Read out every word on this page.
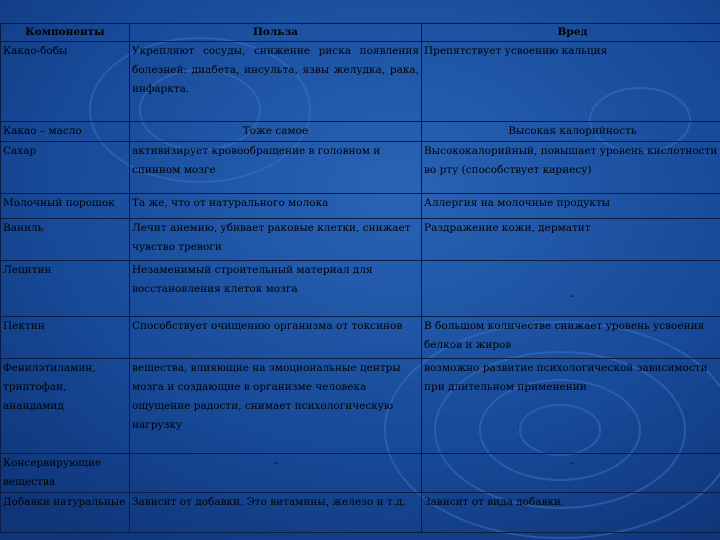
Компоненты	Польза	Вред
Какао-бобы	Укрепляют сосуды, снижение риска появления болезней: диабета, инсульта, язвы желудка, рака, инфаркта.	Препятствует усвоению кальция
Какао – масло	Тоже самое	Высокая калорийность
Сахар	активизирует кровообращение в головном и спинном мозге	Высококалорийный, повышает уровень кислотности во рту (способствует кариесу)
Молочный порошок	Та же, что от натурального молока	Аллергия на молочные продукты
Ваниль	Лечит анемию, убивает раковые клетки, снижает чувство тревоги	Раздражение кожи, дерматит
Лецитин	Незаменимый строительный материал для восстановления клеток мозга	-
Пектин	Способствует очищению организма от токсинов	В большом количестве снижает уровень усвоения белков и жиров
Фенилэтиламин, триптофан, анандамид	вещества, влияющие на эмоциональные центры мозга и создающие в организме человека ощущение радости, снимает психологическую нагрузку	возможно развитие психологической зависимости при длительном применении
Консервирующие вещества	-	-
Добавки натуральные	Зависит от добавки. Это витамины, железо и т.д.	Зависит от вида добавки.
